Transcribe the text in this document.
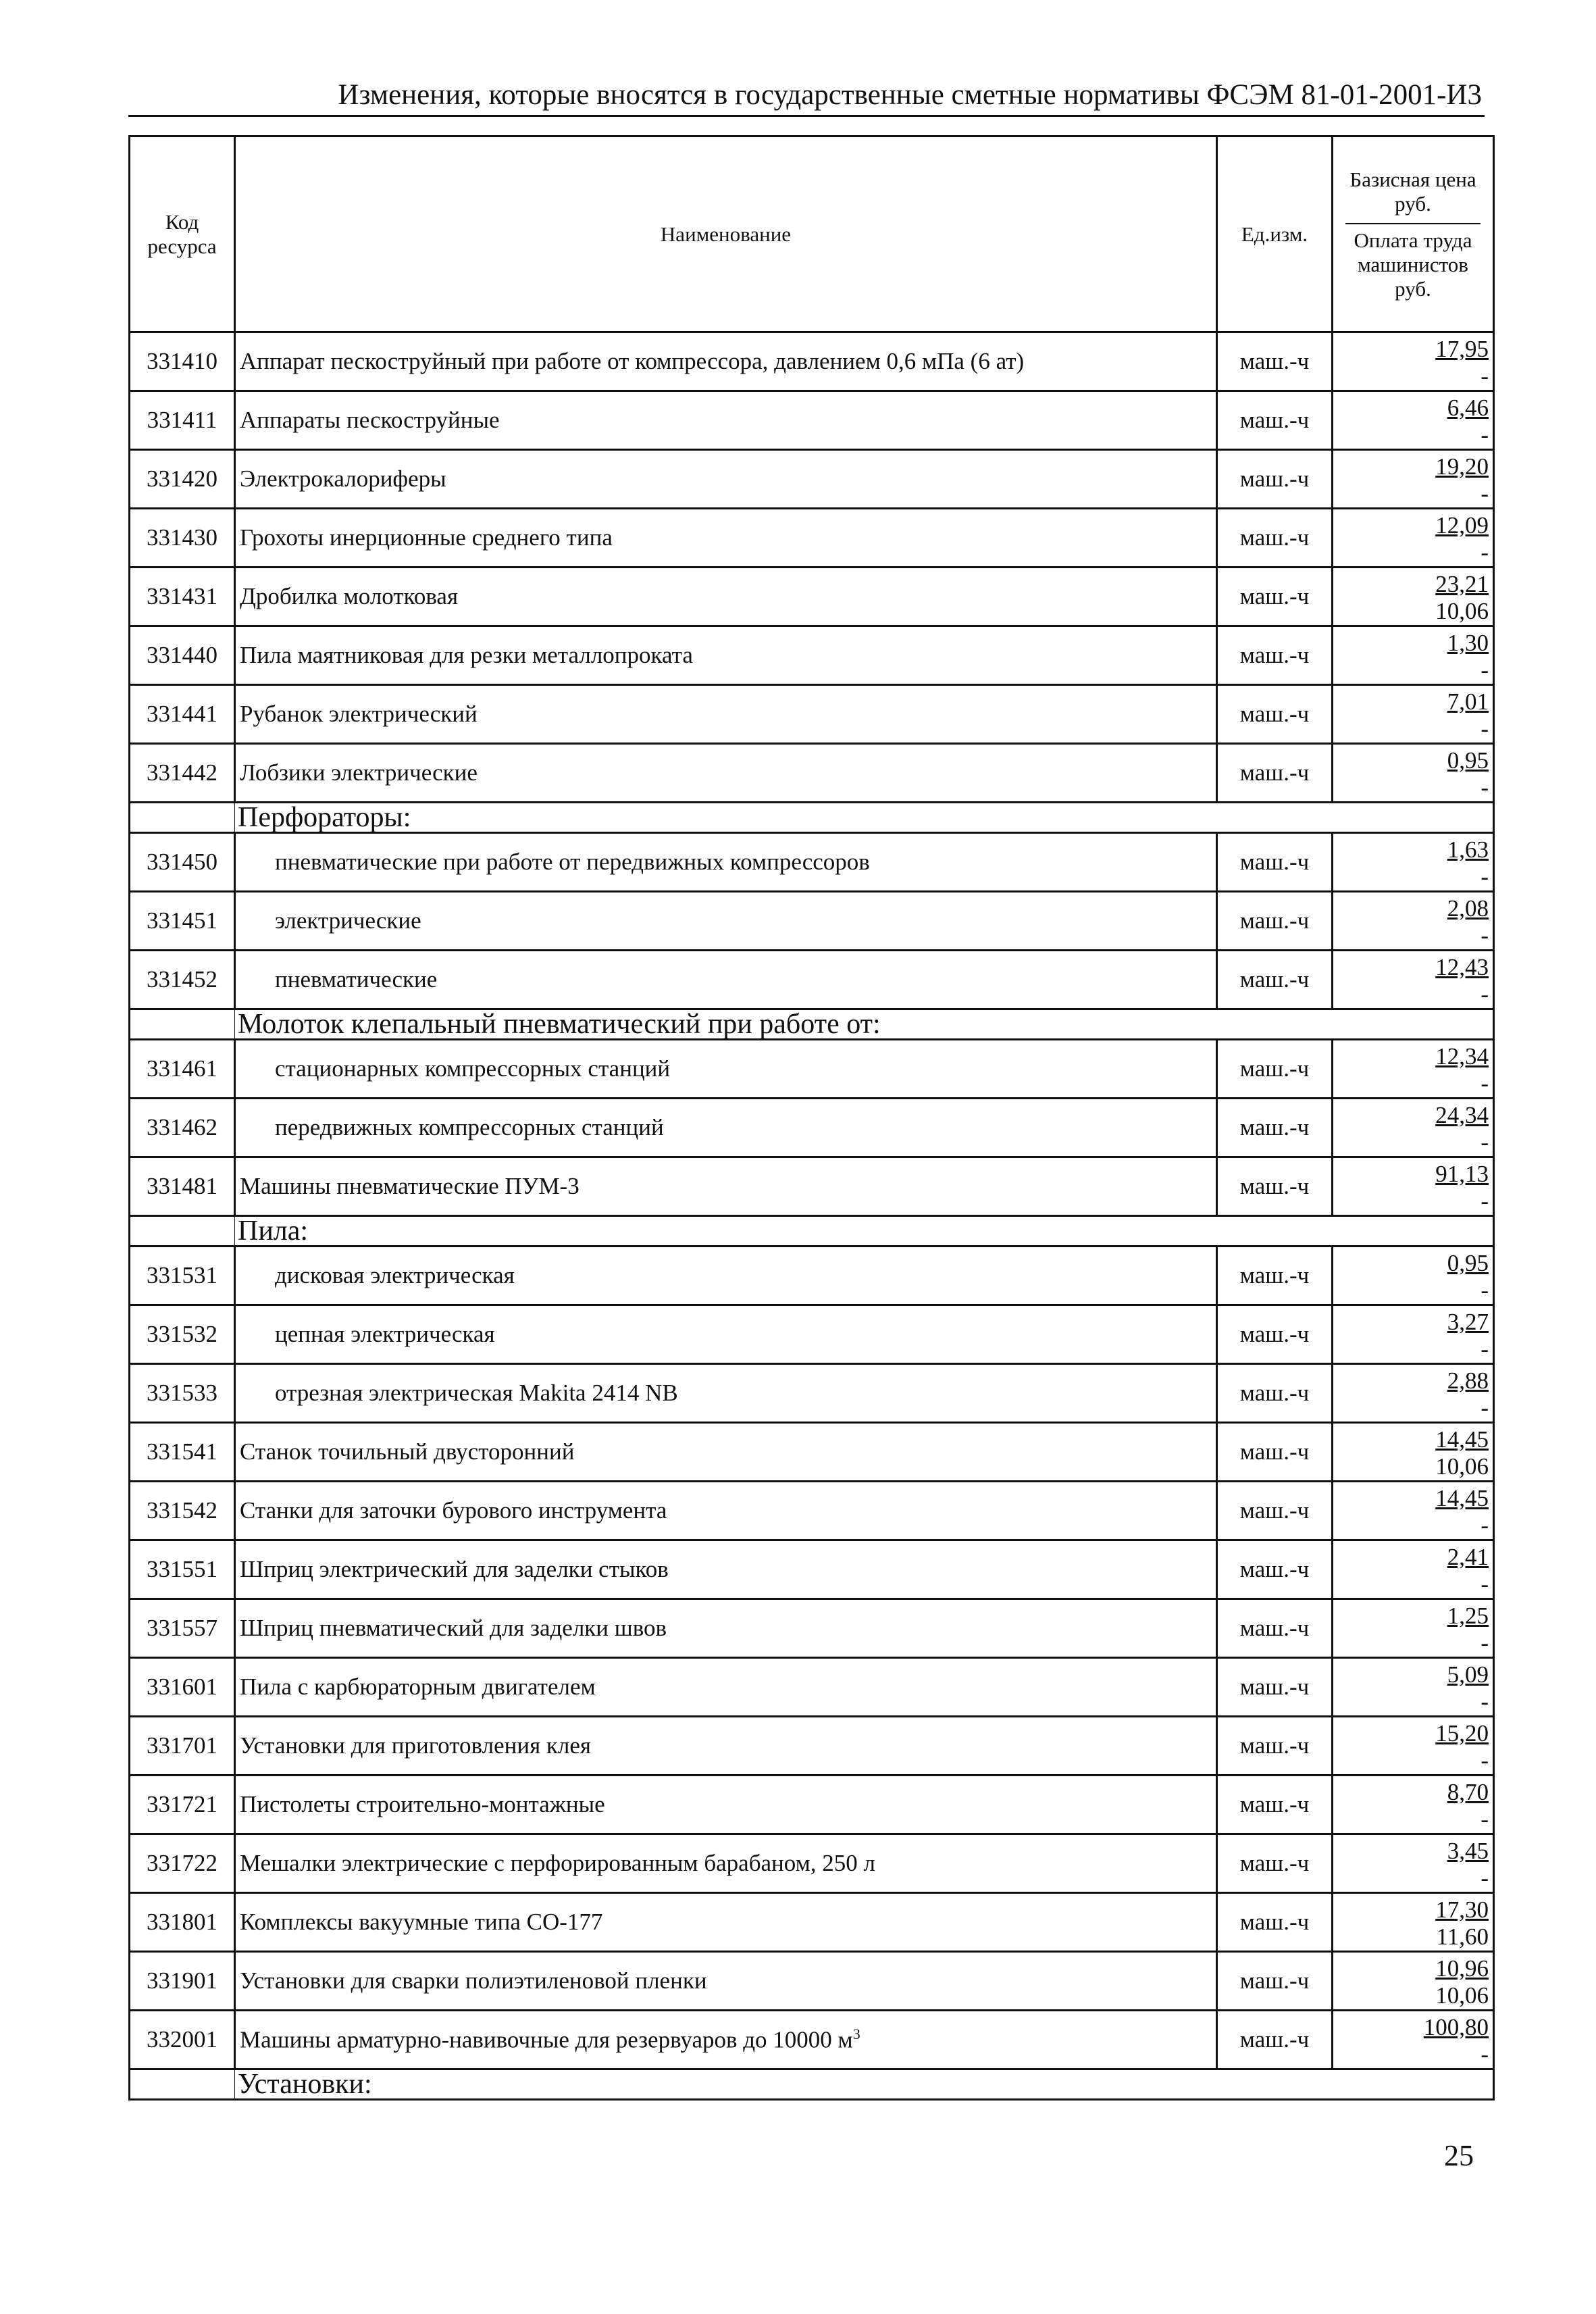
Изменения, которые вносятся в государственные сметные нормативы ФСЭМ 81-01-2001-И3
Код ресурса	Наименование	Ед.изм.	Базисная цена руб.
Оплата труда машинистов руб.

331410	Аппарат пескоструйный при работе от компрессора, давлением 0,6 мПа (6 ат)	маш.-ч	17,95
-

331411	Аппараты пескоструйные	маш.-ч	6,46
-

331420	Электрокалориферы	маш.-ч	19,20
-

331430	Грохоты инерционные среднего типа	маш.-ч	12,09
-

331431	Дробилка молотковая	маш.-ч	23,21
10,06

331440	Пила маятниковая для резки металлопроката	маш.-ч	1,30
-

331441	Рубанок электрический	маш.-ч	7,01
-

331442	Лобзики электрические	маш.-ч	0,95
-

	Перфораторы:		
331450	пневматические при работе от передвижных компрессоров	маш.-ч	1,63
-

331451	электрические	маш.-ч	2,08
-

331452	пневматические	маш.-ч	12,43
-

	Молоток клепальный пневматический при работе от:		
331461	стационарных компрессорных станций	маш.-ч	12,34
-

331462	передвижных компрессорных станций	маш.-ч	24,34
-

331481	Машины пневматические ПУМ-3	маш.-ч	91,13
-

	Пила:		
331531	дисковая электрическая	маш.-ч	0,95
-

331532	цепная электрическая	маш.-ч	3,27
-

331533	отрезная электрическая Makita 2414 NB	маш.-ч	2,88
-

331541	Станок точильный двусторонний	маш.-ч	14,45
10,06

331542	Станки для заточки бурового инструмента	маш.-ч	14,45
-

331551	Шприц электрический для заделки стыков	маш.-ч	2,41
-

331557	Шприц пневматический для заделки швов	маш.-ч	1,25
-

331601	Пила с карбюраторным двигателем	маш.-ч	5,09
-

331701	Установки для приготовления клея	маш.-ч	15,20
-

331721	Пистолеты строительно-монтажные	маш.-ч	8,70
-

331722	Мешалки электрические с перфорированным барабаном, 250 л	маш.-ч	3,45
-

331801	Комплексы вакуумные типа СО-177	маш.-ч	17,30
11,60

331901	Установки для сварки полиэтиленовой пленки	маш.-ч	10,96
10,06

332001	Машины арматурно-навивочные для резервуаров до 10000 $м^3$	маш.-ч	100,80
-

	Установки:		
25
